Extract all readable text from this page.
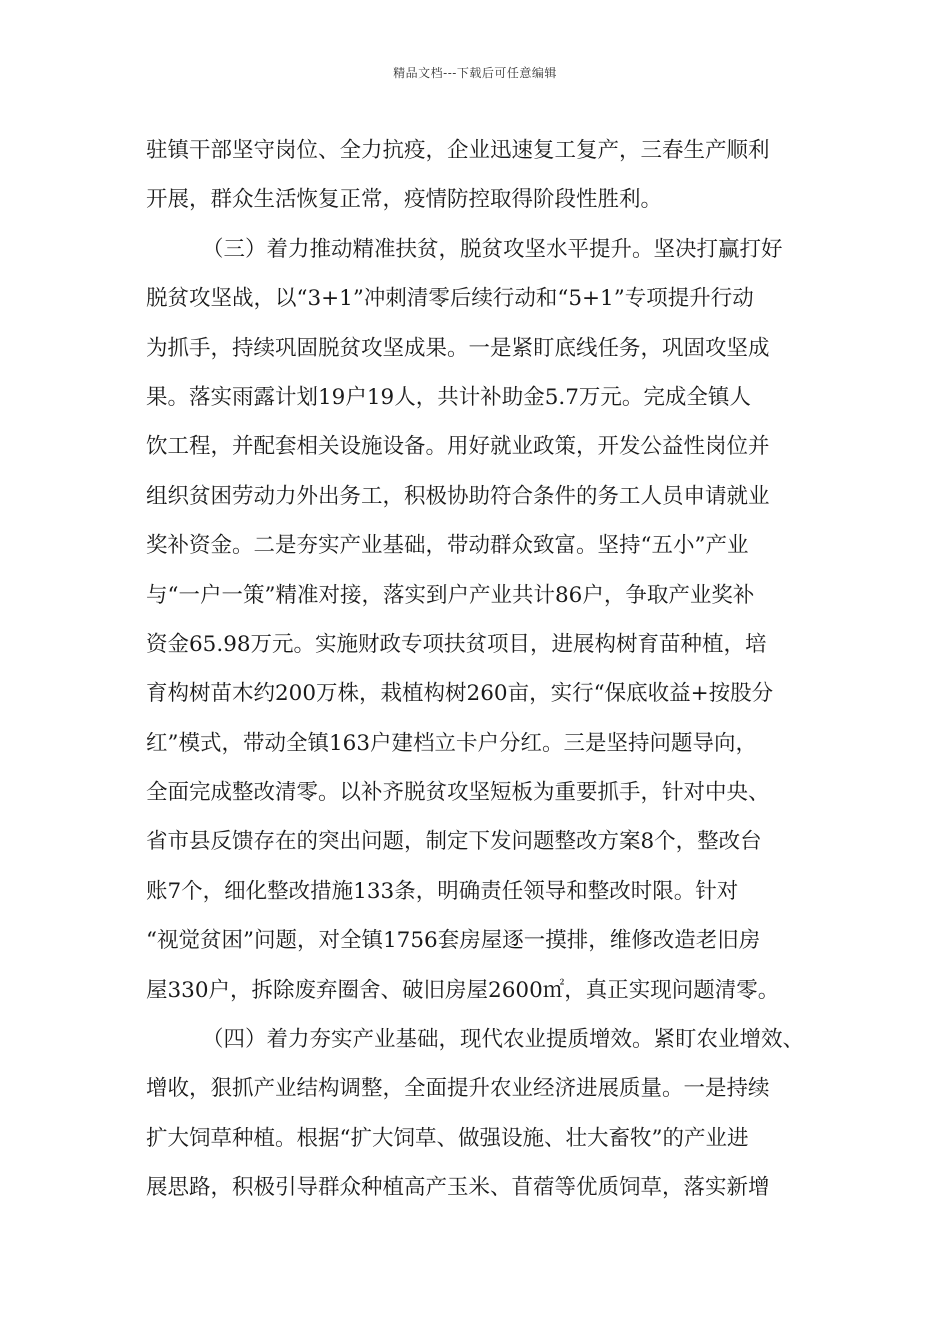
精品文档---下载后可任意编辑
驻镇干部坚守岗位、全力抗疫，企业迅速复工复产，三春生产顺利
开展，群众生活恢复正常，疫情防控取得阶段性胜利。
（三）着力推动精准扶贫，脱贫攻坚水平提升。坚决打赢打好
脱贫攻坚战，以“3+1”冲刺清零后续行动和“5+1”专项提升行动
为抓手，持续巩固脱贫攻坚成果。一是紧盯底线任务，巩固攻坚成
果。落实雨露计划19户19人，共计补助金5.7万元。完成全镇人
饮工程，并配套相关设施设备。用好就业政策，开发公益性岗位并
组织贫困劳动力外出务工，积极协助符合条件的务工人员申请就业
奖补资金。二是夯实产业基础，带动群众致富。坚持“五小”产业
与“一户一策”精准对接，落实到户产业共计86户，争取产业奖补
资金65.98万元。实施财政专项扶贫项目，进展构树育苗种植，培
育构树苗木约200万株，栽植构树260亩，实行“保底收益+按股分
红”模式，带动全镇163户建档立卡户分红。三是坚持问题导向，
全面完成整改清零。以补齐脱贫攻坚短板为重要抓手，针对中央、
省市县反馈存在的突出问题，制定下发问题整改方案8个，整改台
账7个，细化整改措施133条，明确责任领导和整改时限。针对
“视觉贫困”问题，对全镇1756套房屋逐一摸排，维修改造老旧房
屋330户，拆除废弃圈舍、破旧房屋2600㎡，真正实现问题清零。
（四）着力夯实产业基础，现代农业提质增效。紧盯农业增效、
增收，狠抓产业结构调整，全面提升农业经济进展质量。一是持续
扩大饲草种植。根据“扩大饲草、做强设施、壮大畜牧”的产业进
展思路，积极引导群众种植高产玉米、苜蓿等优质饲草，落实新增
